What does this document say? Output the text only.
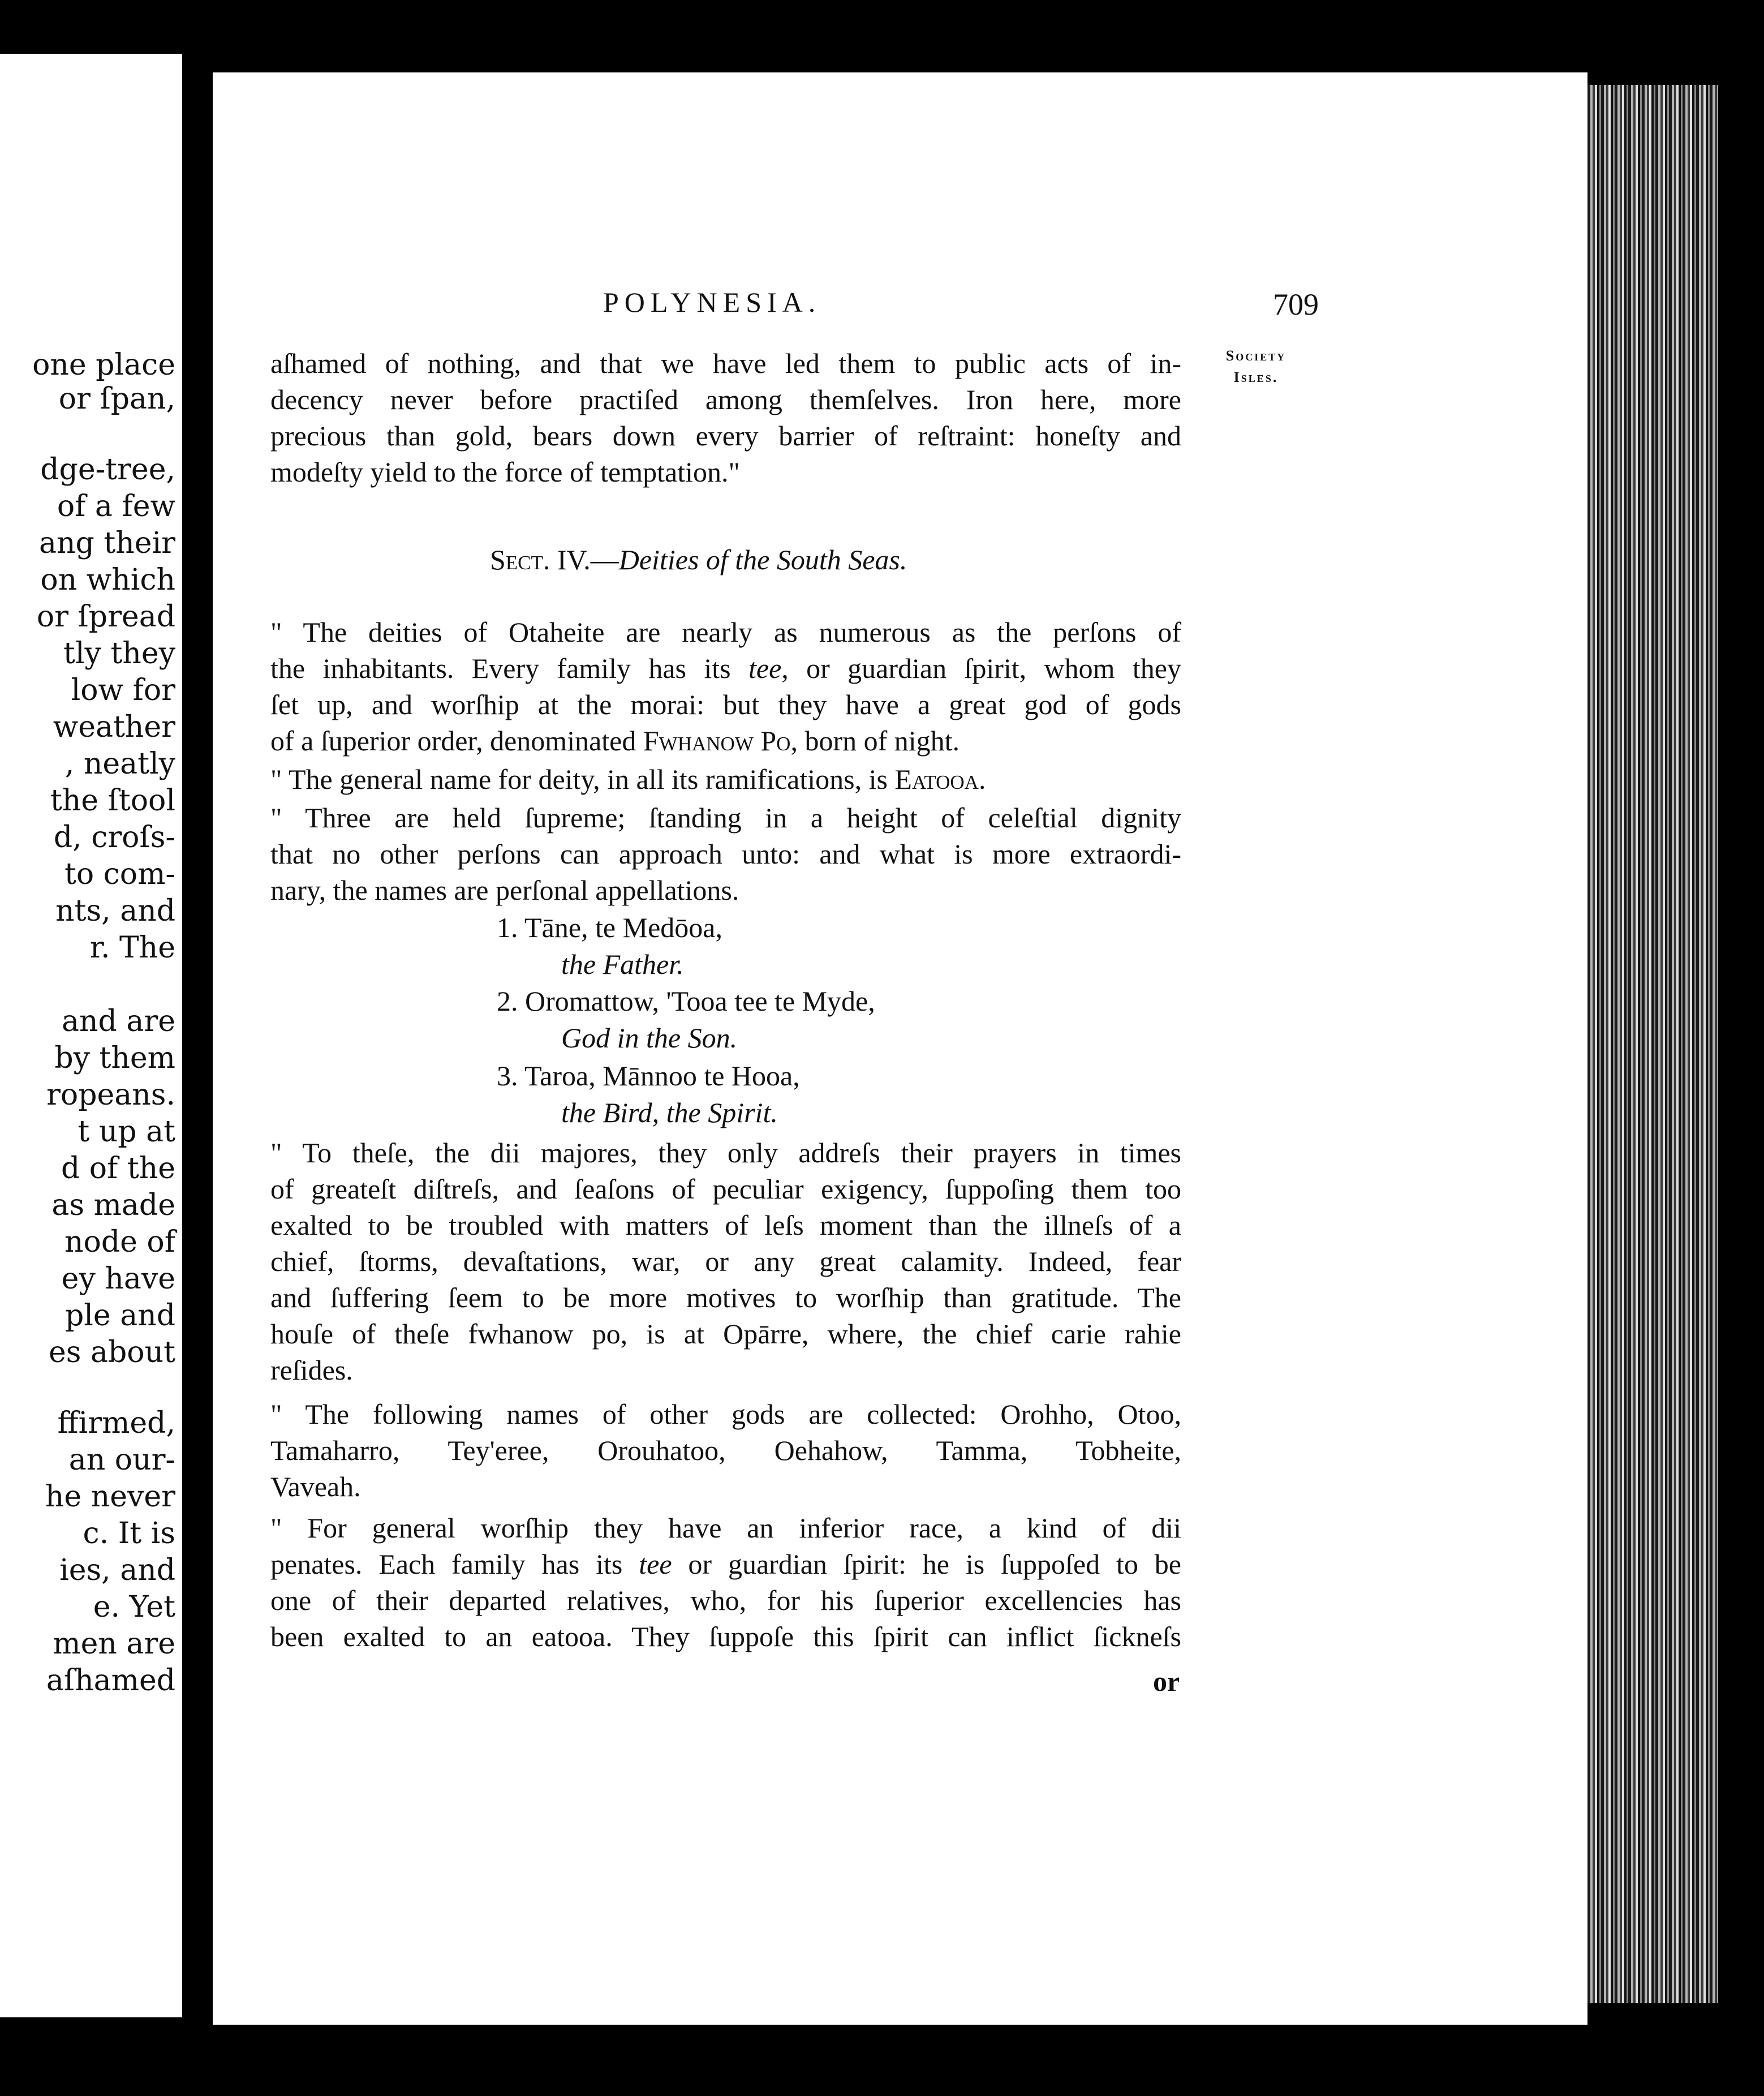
one place
or ſpan,
dge-tree,
of a few
ang their
on which
or ſpread
tly they
low for
weather
, neatly
the ſtool
d, croſs-
to com-
nts, and
r. The
and are
by them
ropeans.
t up at
d of the
as made
node of
ey have
ple and
es about
ffirmed,
an our-
he never
c. It is
ies, and
e. Yet
men are
aſhamed
POLYNESIA.	709
Society
Isles.
aſhamed of nothing, and that we have led them to public acts of in-
decency never before practiſed among themſelves. Iron here, more
precious than gold, bears down every barrier of reſtraint: honeſty and
modeſty yield to the force of temptation."
Sect. IV.—Deities of the South Seas.
" The deities of Otaheite are nearly as numerous as the perſons of
the inhabitants. Every family has its tee, or guardian ſpirit, whom they
ſet up, and worſhip at the morai: but they have a great god of gods
of a ſuperior order, denominated Fwhanow Po, born of night.
" The general name for deity, in all its ramifications, is Eatooa.
" Three are held ſupreme; ſtanding in a height of celeſtial dignity
that no other perſons can approach unto: and what is more extraordi-
nary, the names are perſonal appellations.
1. Tāne, te Medōoa,
the Father.
2. Oromattow, 'Tooa tee te Myde,
God in the Son.
3. Taroa, Mānnoo te Hooa,
the Bird, the Spirit.
" To theſe, the dii majores, they only addreſs their prayers in times
of greateſt diſtreſs, and ſeaſons of peculiar exigency, ſuppoſing them too
exalted to be troubled with matters of leſs moment than the illneſs of a
chief, ſtorms, devaſtations, war, or any great calamity. Indeed, fear
and ſuffering ſeem to be more motives to worſhip than gratitude. The
houſe of theſe fwhanow po, is at Opārre, where, the chief carie rahie
reſides.
" The following names of other gods are collected: Orohho, Otoo,
Tamaharro, Tey'eree, Orouhatoo, Oehahow, Tamma, Tobheite,
Vaveah.
" For general worſhip they have an inferior race, a kind of dii
penates. Each family has its tee or guardian ſpirit: he is ſuppoſed to be
one of their departed relatives, who, for his ſuperior excellencies has
been exalted to an eatooa. They ſuppoſe this ſpirit can inflict ſickneſs
or
